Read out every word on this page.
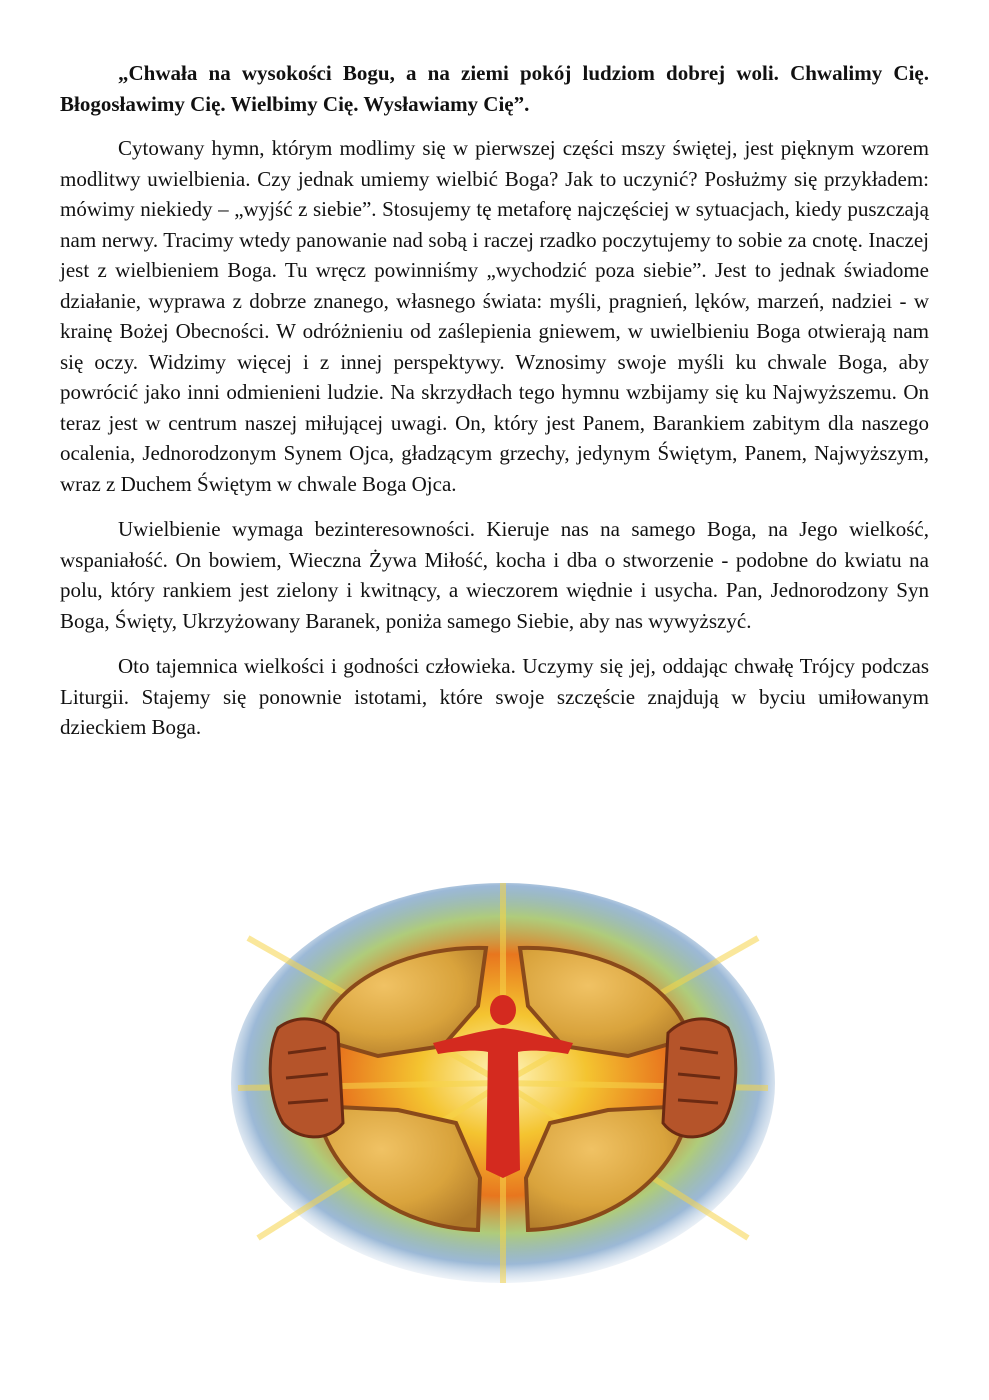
„Chwała na wysokości Bogu, a na ziemi pokój ludziom dobrej woli. Chwalimy Cię. Błogosławimy Cię. Wielbimy Cię. Wysławiamy Cię”.

Cytowany hymn, którym modlimy się w pierwszej części mszy świętej, jest pięknym wzorem modlitwy uwielbienia. Czy jednak umiemy wielbić Boga? Jak to uczynić? Posłużmy się przykładem: mówimy niekiedy – „wyjść z siebie”. Stosujemy tę metaforę najczęściej w sytuacjach, kiedy puszczają nam nerwy. Tracimy wtedy panowanie nad sobą i raczej rzadko poczytujemy to sobie za cnotę. Inaczej jest z wielbieniem Boga. Tu wręcz powinniśmy „wychodzić poza siebie”. Jest to jednak świadome działanie, wyprawa z dobrze znanego, własnego świata: myśli, pragnień, lęków, marzeń, nadziei - w krainę Bożej Obecności. W odróżnieniu od zaślepienia gniewem, w uwielbieniu Boga otwierają nam się oczy. Widzimy więcej i z innej perspektywy. Wznosimy swoje myśli ku chwale Boga, aby powrócić jako inni odmienieni ludzie. Na skrzydłach tego hymnu wzbijamy się ku Najwyższemu. On teraz jest w centrum naszej miłującej uwagi. On, który jest Panem, Barankiem zabitym dla naszego ocalenia, Jednorodzonym Synem Ojca, gładzącym grzechy, jedynym Świętym, Panem, Najwyższym, wraz z Duchem Świętym w chwale Boga Ojca.

Uwielbienie wymaga bezinteresowności. Kieruje nas na samego Boga, na Jego wielkość, wspaniałość. On bowiem, Wieczna Żywa Miłość, kocha i dba o stworzenie - podobne do kwiatu na polu, który rankiem jest zielony i kwitnący, a wieczorem więdnie i usycha. Pan, Jednorodzony Syn Boga, Święty, Ukrzyżowany Baranek, poniża samego Siebie, aby nas wywyższyć.

Oto tajemnica wielkości i godności człowieka. Uczymy się jej, oddając chwałę Trójcy podczas Liturgii. Stajemy się ponownie istotami, które swoje szczęście znajdują w byciu umiłowanym dzieckiem Boga.
